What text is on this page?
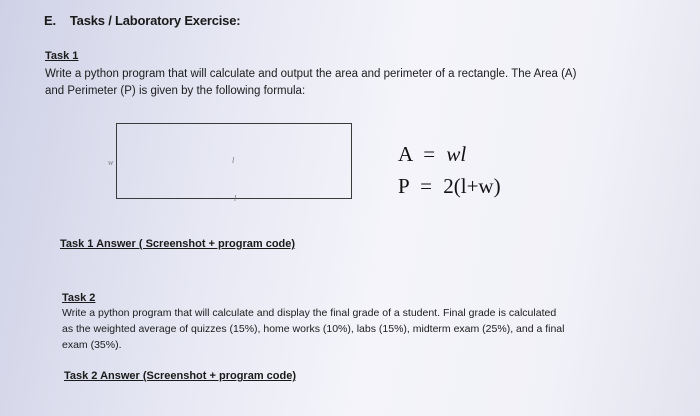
E. Tasks / Laboratory Exercise:
Task 1
Write a python program that will calculate and output the area and perimeter of a rectangle. The Area (A)
and Perimeter (P) is given by the following formula:
w	l
l
A = wl
P = 2(l+w)
Task 1 Answer ( Screenshot + program code)
Task 2
Write a python program that will calculate and display the final grade of a student. Final grade is calculated
as the weighted average of quizzes (15%), home works (10%), labs (15%), midterm exam (25%), and a final
exam (35%).
Task 2 Answer (Screenshot + program code)
